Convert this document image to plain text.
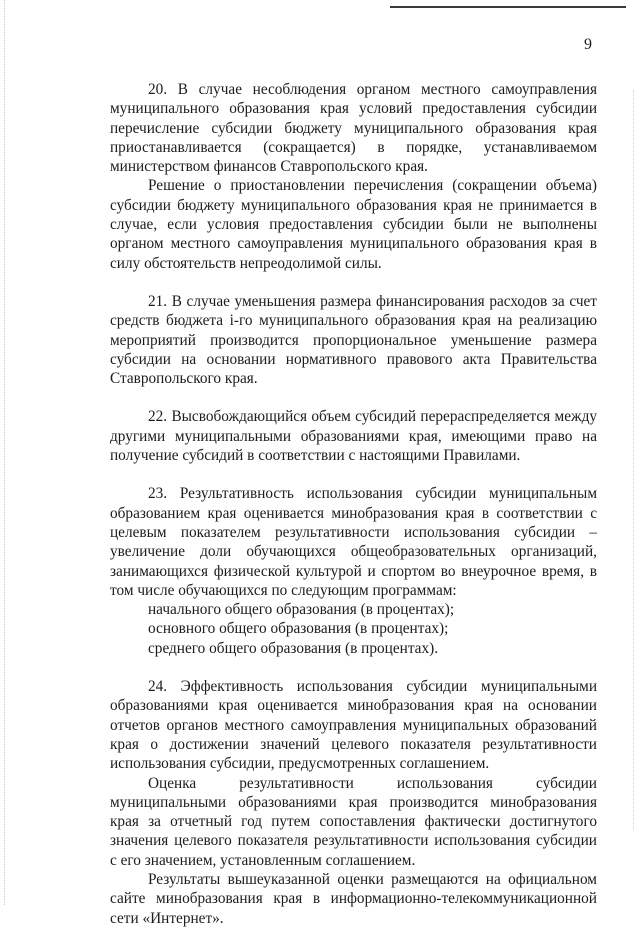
9

20. В случае несоблюдения органом местного самоуправления муниципального образования края условий предоставления субсидии перечисление субсидии бюджету муниципального образования края приостанавливается (сокращается) в порядке, устанавливаемом министерством финансов Ставропольского края.

Решение о приостановлении перечисления (сокращении объема) субсидии бюджету муниципального образования края не принимается в случае, если условия предоставления субсидии были не выполнены органом местного самоуправления муниципального образования края в силу обстоятельств непреодолимой силы.

21. В случае уменьшения размера финансирования расходов за счет средств бюджета i-го муниципального образования края на реализацию мероприятий производится пропорциональное уменьшение размера субсидии на основании нормативного правового акта Правительства Ставропольского края.

22. Высвобождающийся объем субсидий перераспределяется между другими муниципальными образованиями края, имеющими право на получение субсидий в соответствии с настоящими Правилами.

23. Результативность использования субсидии муниципальным образованием края оценивается минобразования края в соответствии с целевым показателем результативности использования субсидии – увеличение доли обучающихся общеобразовательных организаций, занимающихся физической культурой и спортом во внеурочное время, в том числе обучающихся по следующим программам:

начального общего образования (в процентах);
основного общего образования (в процентах);
среднего общего образования (в процентах).

24. Эффективность использования субсидии муниципальными образованиями края оценивается минобразования края на основании отчетов органов местного самоуправления муниципальных образований края о достижении значений целевого показателя результативности использования субсидии, предусмотренных соглашением.

Оценка результативности использования субсидии муниципальными образованиями края производится минобразования края за отчетный год путем сопоставления фактически достигнутого значения целевого показателя результативности использования субсидии с его значением, установленным соглашением.

Результаты вышеуказанной оценки размещаются на официальном сайте минобразования края в информационно-телекоммуникационной сети «Интернет».
